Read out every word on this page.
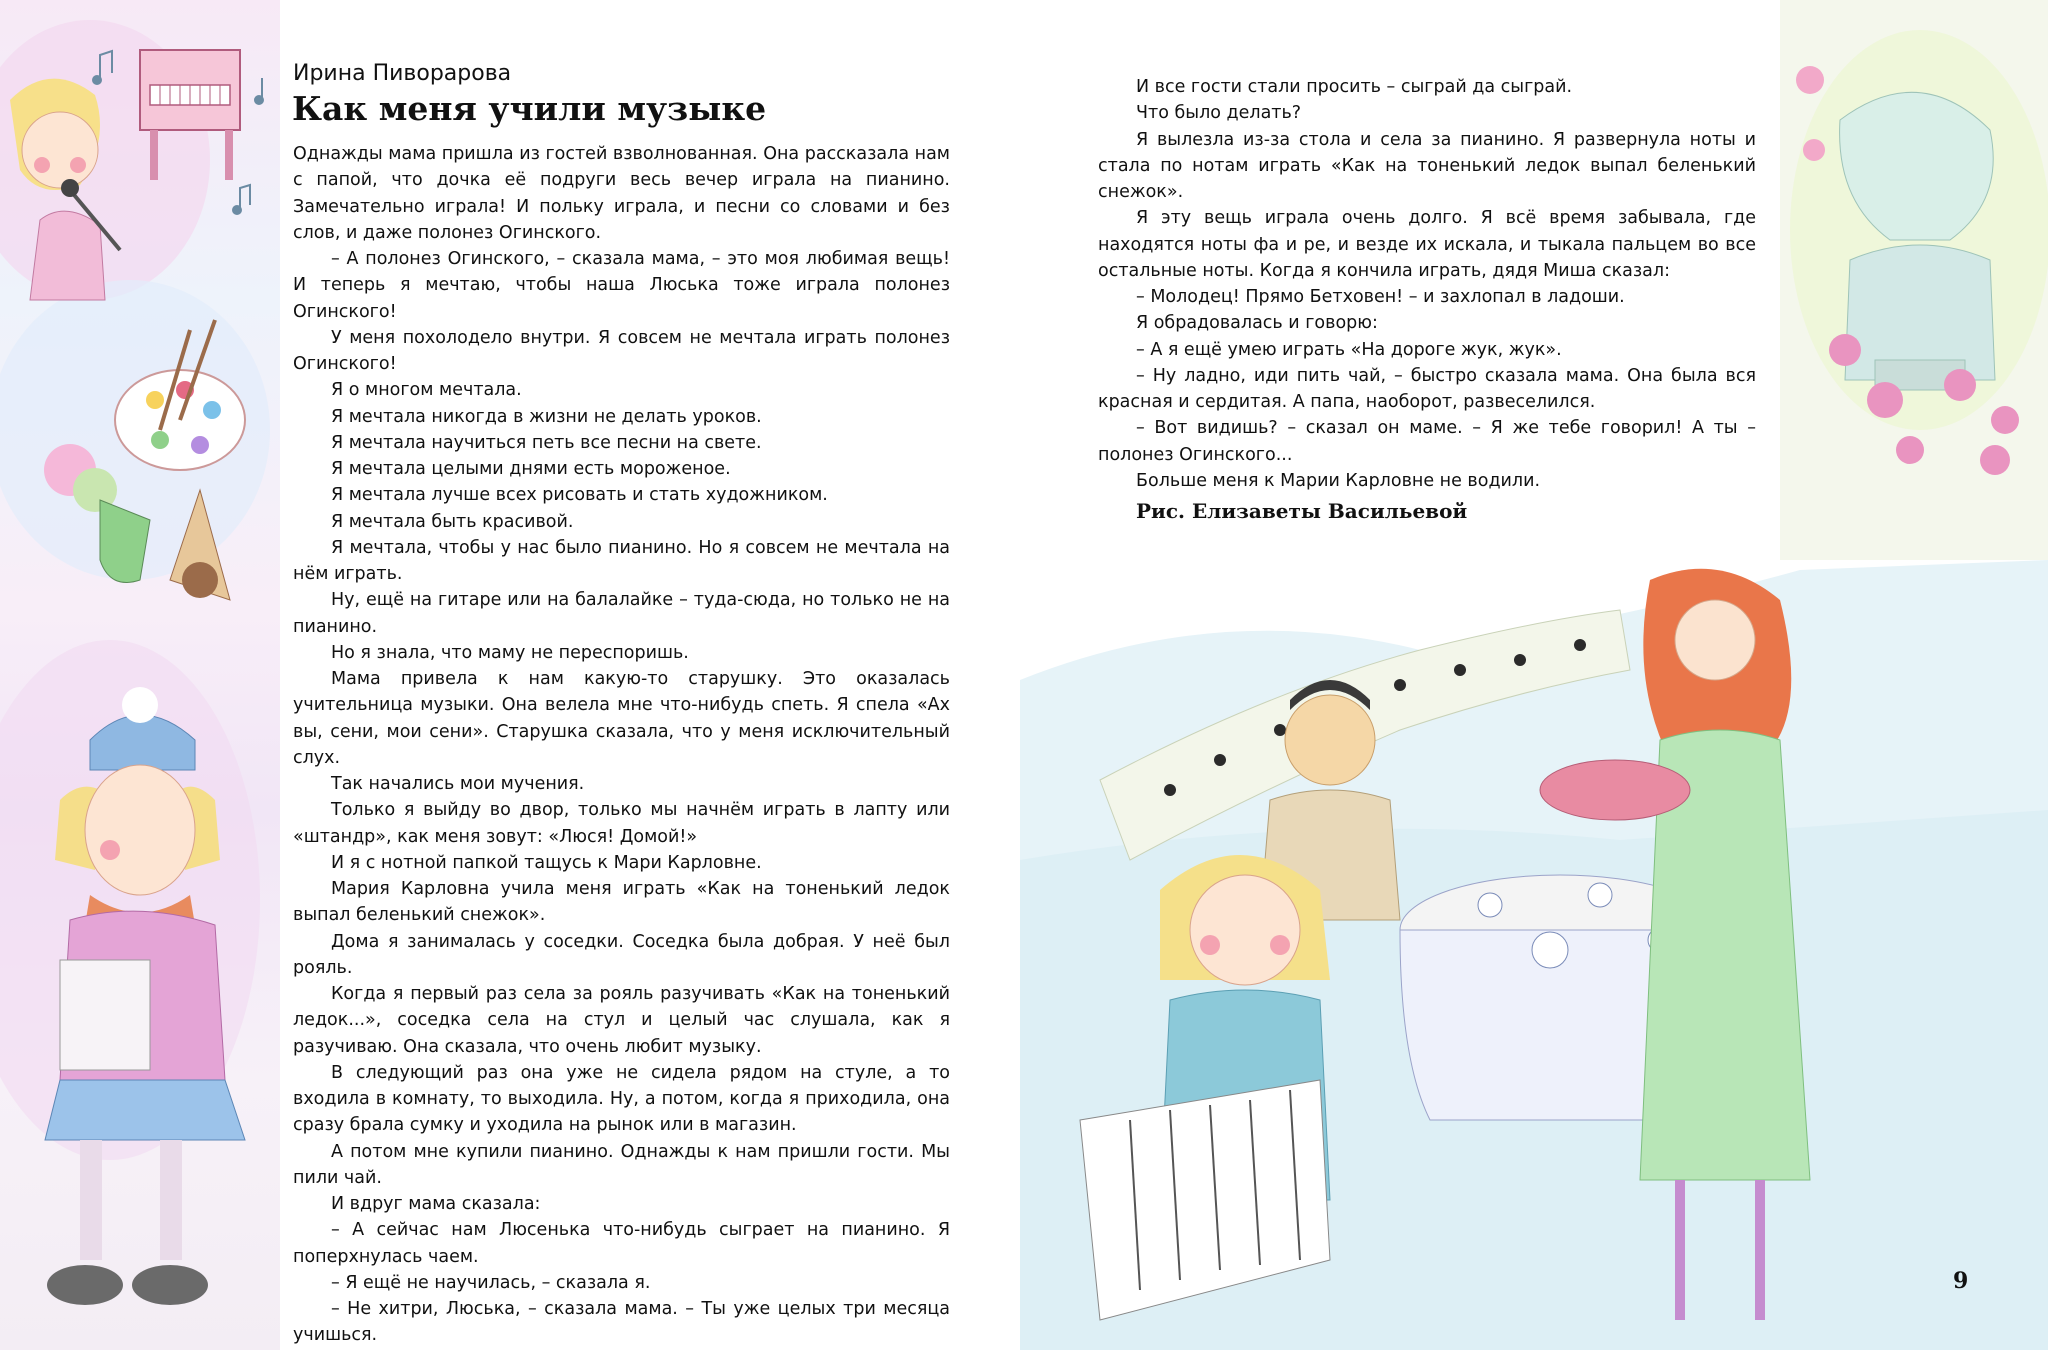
Ирина Пиворарова
Как меня учили музыке

Однажды мама пришла из гостей взволнованная. Она рассказала нам с папой, что дочка её подруги весь вечер играла на пианино. Замечательно играла! И польку играла, и песни со словами и без слов, и даже полонез Огинского.

– А полонез Огинского, – сказала мама, – это моя любимая вещь! И теперь я мечтаю, чтобы наша Люська тоже играла полонез Огинского!

У меня похолодело внутри. Я совсем не мечтала играть полонез Огинского!

Я о многом мечтала.

Я мечтала никогда в жизни не делать уроков.

Я мечтала научиться петь все песни на свете.

Я мечтала целыми днями есть мороженое.

Я мечтала лучше всех рисовать и стать художником.

Я мечтала быть красивой.

Я мечтала, чтобы у нас было пианино. Но я совсем не мечтала на нём играть.

Ну, ещё на гитаре или на балалайке – туда-сюда, но только не на пианино.

Но я знала, что маму не переспоришь.

Мама привела к нам какую-то старушку. Это оказалась учительница музыки. Она велела мне что-нибудь спеть. Я спела «Ах вы, сени, мои сени». Старушка сказала, что у меня исключительный слух.

Так начались мои мучения.

Только я выйду во двор, только мы начнём играть в лапту или «штандр», как меня зовут: «Люся! Домой!»

И я с нотной папкой тащусь к Мари Карловне.

Мария Карловна учила меня играть «Как на тоненький ледок выпал беленький снежок».

Дома я занималась у соседки. Соседка была добрая. У неё был рояль.

Когда я первый раз села за рояль разучивать «Как на тоненький ледок...», соседка села на стул и целый час слушала, как я разучиваю. Она сказала, что очень любит музыку.

В следующий раз она уже не сидела рядом на стуле, а то входила в комнату, то выходила. Ну, а потом, когда я приходила, она сразу брала сумку и уходила на рынок или в магазин.

А потом мне купили пианино. Однажды к нам пришли гости. Мы пили чай.

И вдруг мама сказала:

– А сейчас нам Люсенька что-нибудь сыграет на пианино. Я поперхнулась чаем.

– Я ещё не научилась, – сказала я.

– Не хитри, Люська, – сказала мама. – Ты уже целых три месяца учишься.

И все гости стали просить – сыграй да сыграй.

Что было делать?

Я вылезла из-за стола и села за пианино. Я развернула ноты и стала по нотам играть «Как на тоненький ледок выпал беленький снежок».

Я эту вещь играла очень долго. Я всё время забывала, где находятся ноты фа и ре, и везде их искала, и тыкала пальцем во все остальные ноты. Когда я кончила играть, дядя Миша сказал:

– Молодец! Прямо Бетховен! – и захлопал в ладоши.

Я обрадовалась и говорю:

– А я ещё умею играть «На дороге жук, жук».

– Ну ладно, иди пить чай, – быстро сказала мама. Она была вся красная и сердитая. А папа, наоборот, развеселился.

– Вот видишь? – сказал он маме. – Я же тебе говорил! А ты – полонез Огинского...

Больше меня к Марии Карловне не водили.

Рис. Елизаветы Васильевой
9
